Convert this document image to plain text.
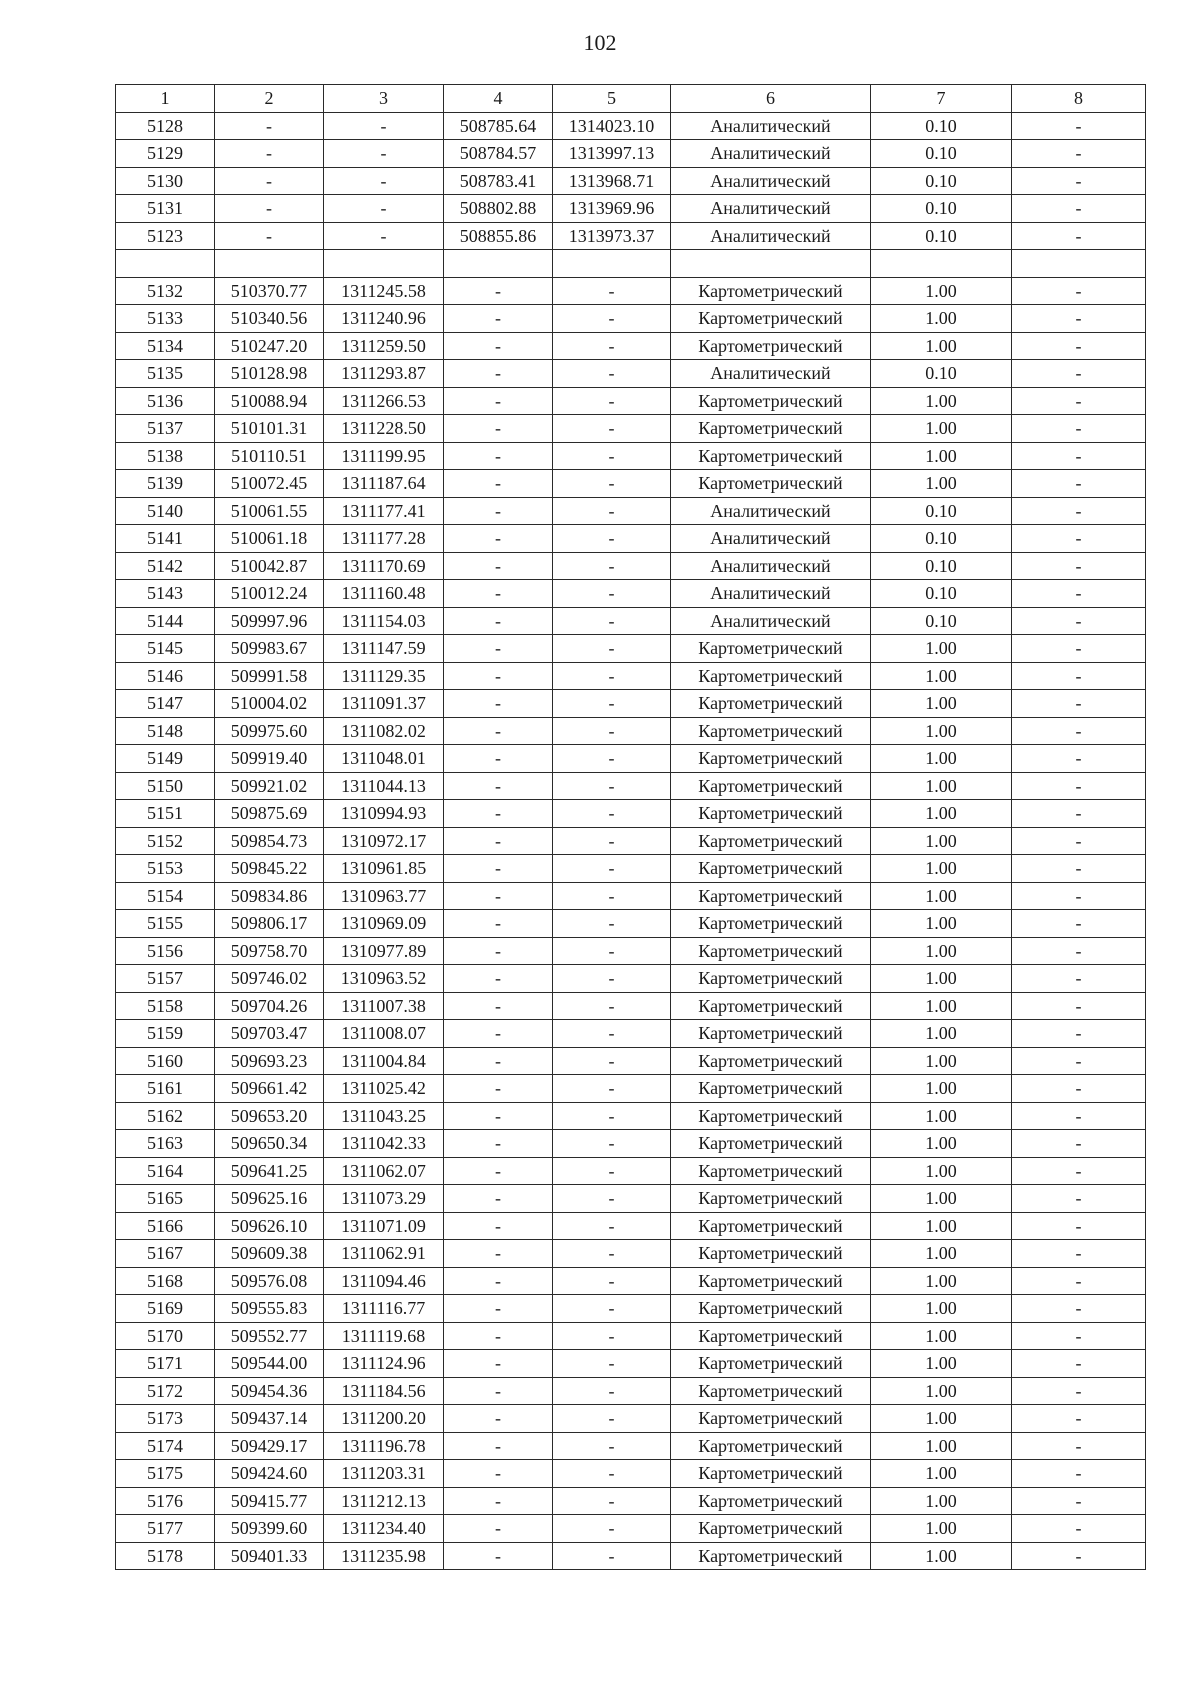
102
1	2	3	4	5	6	7	8
5128	-	-	508785.64	1314023.10	Аналитический	0.10	-
5129	-	-	508784.57	1313997.13	Аналитический	0.10	-
5130	-	-	508783.41	1313968.71	Аналитический	0.10	-
5131	-	-	508802.88	1313969.96	Аналитический	0.10	-
5123	-	-	508855.86	1313973.37	Аналитический	0.10	-

5132	510370.77	1311245.58	-	-	Картометрический	1.00	-
5133	510340.56	1311240.96	-	-	Картометрический	1.00	-
5134	510247.20	1311259.50	-	-	Картометрический	1.00	-
5135	510128.98	1311293.87	-	-	Аналитический	0.10	-
5136	510088.94	1311266.53	-	-	Картометрический	1.00	-
5137	510101.31	1311228.50	-	-	Картометрический	1.00	-
5138	510110.51	1311199.95	-	-	Картометрический	1.00	-
5139	510072.45	1311187.64	-	-	Картометрический	1.00	-
5140	510061.55	1311177.41	-	-	Аналитический	0.10	-
5141	510061.18	1311177.28	-	-	Аналитический	0.10	-
5142	510042.87	1311170.69	-	-	Аналитический	0.10	-
5143	510012.24	1311160.48	-	-	Аналитический	0.10	-
5144	509997.96	1311154.03	-	-	Аналитический	0.10	-
5145	509983.67	1311147.59	-	-	Картометрический	1.00	-
5146	509991.58	1311129.35	-	-	Картометрический	1.00	-
5147	510004.02	1311091.37	-	-	Картометрический	1.00	-
5148	509975.60	1311082.02	-	-	Картометрический	1.00	-
5149	509919.40	1311048.01	-	-	Картометрический	1.00	-
5150	509921.02	1311044.13	-	-	Картометрический	1.00	-
5151	509875.69	1310994.93	-	-	Картометрический	1.00	-
5152	509854.73	1310972.17	-	-	Картометрический	1.00	-
5153	509845.22	1310961.85	-	-	Картометрический	1.00	-
5154	509834.86	1310963.77	-	-	Картометрический	1.00	-
5155	509806.17	1310969.09	-	-	Картометрический	1.00	-
5156	509758.70	1310977.89	-	-	Картометрический	1.00	-
5157	509746.02	1310963.52	-	-	Картометрический	1.00	-
5158	509704.26	1311007.38	-	-	Картометрический	1.00	-
5159	509703.47	1311008.07	-	-	Картометрический	1.00	-
5160	509693.23	1311004.84	-	-	Картометрический	1.00	-
5161	509661.42	1311025.42	-	-	Картометрический	1.00	-
5162	509653.20	1311043.25	-	-	Картометрический	1.00	-
5163	509650.34	1311042.33	-	-	Картометрический	1.00	-
5164	509641.25	1311062.07	-	-	Картометрический	1.00	-
5165	509625.16	1311073.29	-	-	Картометрический	1.00	-
5166	509626.10	1311071.09	-	-	Картометрический	1.00	-
5167	509609.38	1311062.91	-	-	Картометрический	1.00	-
5168	509576.08	1311094.46	-	-	Картометрический	1.00	-
5169	509555.83	1311116.77	-	-	Картометрический	1.00	-
5170	509552.77	1311119.68	-	-	Картометрический	1.00	-
5171	509544.00	1311124.96	-	-	Картометрический	1.00	-
5172	509454.36	1311184.56	-	-	Картометрический	1.00	-
5173	509437.14	1311200.20	-	-	Картометрический	1.00	-
5174	509429.17	1311196.78	-	-	Картометрический	1.00	-
5175	509424.60	1311203.31	-	-	Картометрический	1.00	-
5176	509415.77	1311212.13	-	-	Картометрический	1.00	-
5177	509399.60	1311234.40	-	-	Картометрический	1.00	-
5178	509401.33	1311235.98	-	-	Картометрический	1.00	-
